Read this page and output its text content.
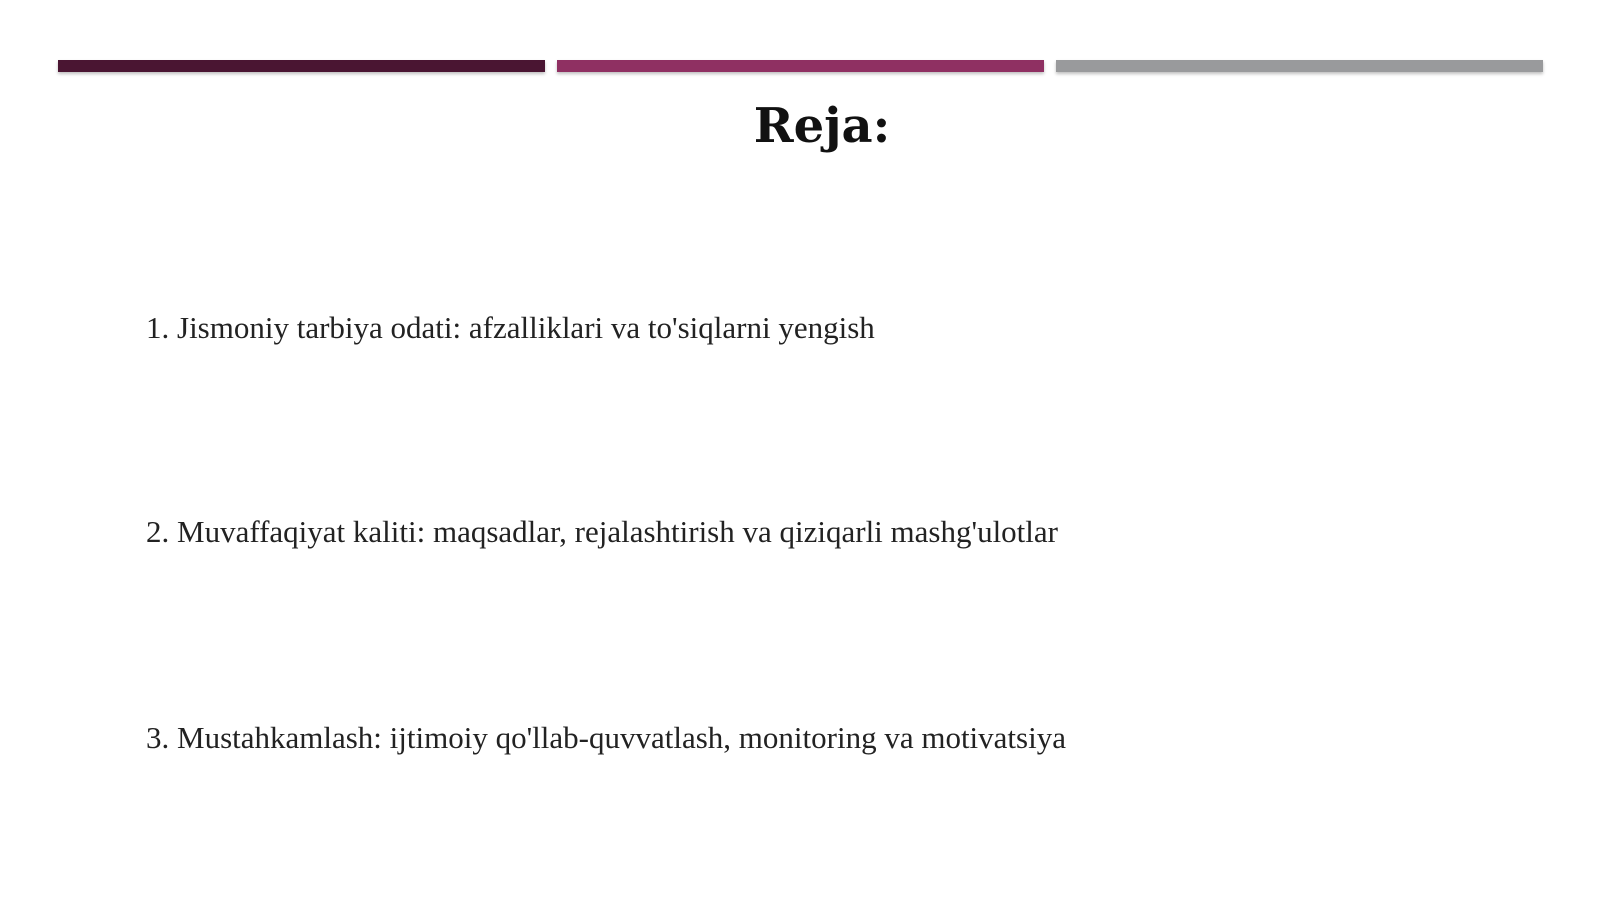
Reja:

1. Jismoniy tarbiya odati: afzalliklari va to'siqlarni yengish

2. Muvaffaqiyat kaliti: maqsadlar, rejalashtirish va qiziqarli mashg'ulotlar

3. Mustahkamlash: ijtimoiy qo'llab-quvvatlash, monitoring va motivatsiya
